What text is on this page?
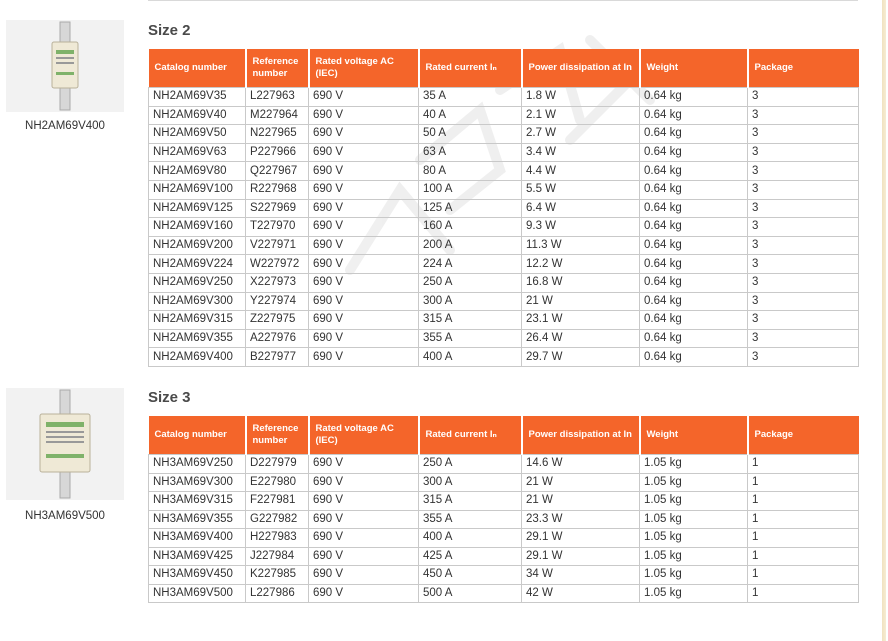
Size 2
NH2AM69V400
Catalog number	Reference number	Rated voltage AC (IEC)	Rated current Iₙ	Power dissipation at In	Weight	Package
NH2AM69V35	L227963	690 V	35 A	1.8 W	0.64 kg	3
NH2AM69V40	M227964	690 V	40 A	2.1 W	0.64 kg	3
NH2AM69V50	N227965	690 V	50 A	2.7 W	0.64 kg	3
NH2AM69V63	P227966	690 V	63 A	3.4 W	0.64 kg	3
NH2AM69V80	Q227967	690 V	80 A	4.4 W	0.64 kg	3
NH2AM69V100	R227968	690 V	100 A	5.5 W	0.64 kg	3
NH2AM69V125	S227969	690 V	125 A	6.4 W	0.64 kg	3
NH2AM69V160	T227970	690 V	160 A	9.3 W	0.64 kg	3
NH2AM69V200	V227971	690 V	200 A	11.3 W	0.64 kg	3
NH2AM69V224	W227972	690 V	224 A	12.2 W	0.64 kg	3
NH2AM69V250	X227973	690 V	250 A	16.8 W	0.64 kg	3
NH2AM69V300	Y227974	690 V	300 A	21 W	0.64 kg	3
NH2AM69V315	Z227975	690 V	315 A	23.1 W	0.64 kg	3
NH2AM69V355	A227976	690 V	355 A	26.4 W	0.64 kg	3
NH2AM69V400	B227977	690 V	400 A	29.7 W	0.64 kg	3
Size 3
NH3AM69V500
Catalog number	Reference number	Rated voltage AC (IEC)	Rated current Iₙ	Power dissipation at In	Weight	Package
NH3AM69V250	D227979	690 V	250 A	14.6 W	1.05 kg	1
NH3AM69V300	E227980	690 V	300 A	21 W	1.05 kg	1
NH3AM69V315	F227981	690 V	315 A	21 W	1.05 kg	1
NH3AM69V355	G227982	690 V	355 A	23.3 W	1.05 kg	1
NH3AM69V400	H227983	690 V	400 A	29.1 W	1.05 kg	1
NH3AM69V425	J227984	690 V	425 A	29.1 W	1.05 kg	1
NH3AM69V450	K227985	690 V	450 A	34 W	1.05 kg	1
NH3AM69V500	L227986	690 V	500 A	42 W	1.05 kg	1
